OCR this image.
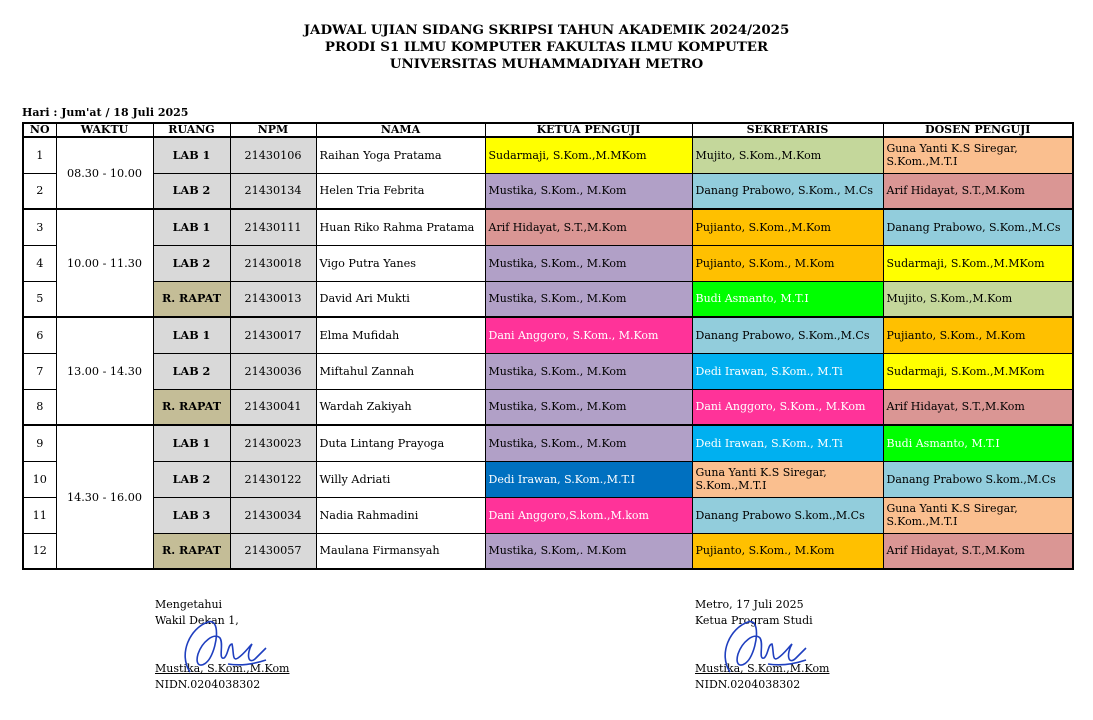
JADWAL UJIAN SIDANG SKRIPSI TAHUN AKADEMIK 2024/2025
PRODI S1 ILMU KOMPUTER FAKULTAS ILMU KOMPUTER
UNIVERSITAS MUHAMMADIYAH METRO
Hari : Jum'at / 18 Juli 2025
NO	WAKTU	RUANG	NPM	NAMA	KETUA PENGUJI	SEKRETARIS	DOSEN PENGUJI
1	08.30 - 10.00	LAB 1	21430106	Raihan Yoga Pratama	Sudarmaji, S.Kom.,M.MKom	Mujito, S.Kom.,M.Kom	Guna Yanti K.S Siregar, S.Kom.,M.T.I
2		LAB 2	21430134	Helen Tria Febrita	Mustika, S.Kom., M.Kom	Danang Prabowo, S.Kom., M.Cs	Arif Hidayat, S.T.,M.Kom
3	10.00 - 11.30	LAB 1	21430111	Huan Riko Rahma Pratama	Arif Hidayat, S.T.,M.Kom	Pujianto, S.Kom.,M.Kom	Danang Prabowo, S.Kom.,M.Cs
4		LAB 2	21430018	Vigo Putra Yanes	Mustika, S.Kom., M.Kom	Pujianto, S.Kom., M.Kom	Sudarmaji, S.Kom.,M.MKom
5		R. RAPAT	21430013	David Ari Mukti	Mustika, S.Kom., M.Kom	Budi Asmanto, M.T.I	Mujito, S.Kom.,M.Kom
6	13.00 - 14.30	LAB 1	21430017	Elma Mufidah	Dani Anggoro, S.Kom., M.Kom	Danang Prabowo, S.Kom.,M.Cs	Pujianto, S.Kom., M.Kom
7		LAB 2	21430036	Miftahul Zannah	Mustika, S.Kom., M.Kom	Dedi Irawan, S.Kom., M.Ti	Sudarmaji, S.Kom.,M.MKom
8		R. RAPAT	21430041	Wardah Zakiyah	Mustika, S.Kom., M.Kom	Dani Anggoro, S.Kom., M.Kom	Arif Hidayat, S.T.,M.Kom
9	14.30 - 16.00	LAB 1	21430023	Duta Lintang Prayoga	Mustika, S.Kom., M.Kom	Dedi Irawan, S.Kom., M.Ti	Budi Asmanto, M.T.I
10		LAB 2	21430122	Willy Adriati	Dedi Irawan, S.Kom.,M.T.I	Guna Yanti K.S Siregar, S.Kom.,M.T.I	Danang Prabowo S.kom.,M.Cs
11		LAB 3	21430034	Nadia Rahmadini	Dani Anggoro,S.kom.,M.kom	Danang Prabowo S.kom.,M.Cs	Guna Yanti K.S Siregar, S.Kom.,M.T.I
12		R. RAPAT	21430057	Maulana Firmansyah	Mustika, S.Kom,. M.Kom	Pujianto, S.Kom., M.Kom	Arif Hidayat, S.T.,M.Kom
Mengetahui
Wakil Dekan 1,
Mustika, S.Kom.,M.Kom
NIDN.0204038302
Metro, 17 Juli 2025
Ketua Program Studi
Mustika, S.Kom.,M.Kom
NIDN.0204038302
